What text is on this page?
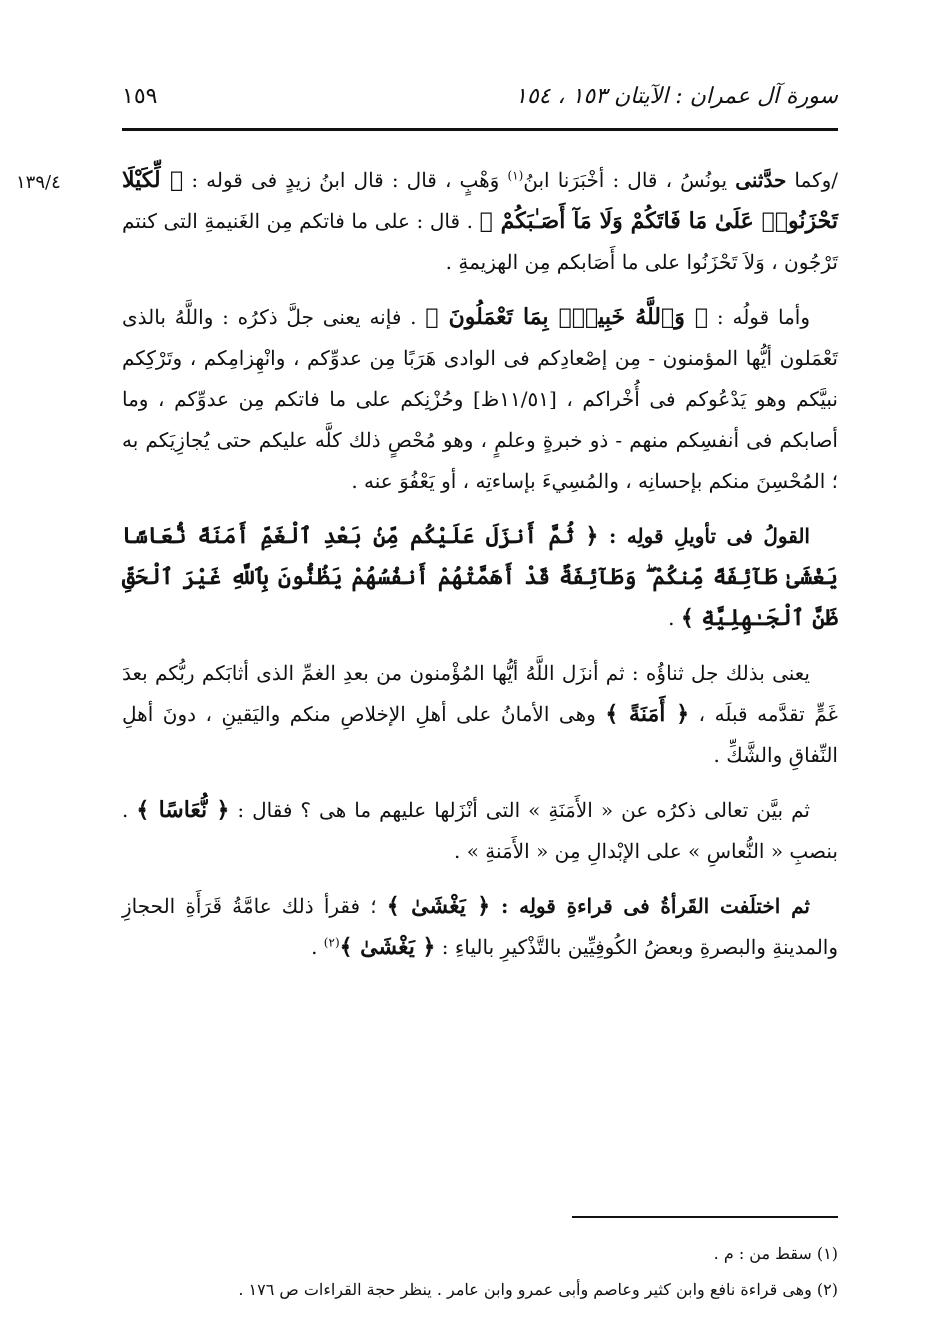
سورة آل عمران : الآيتان ١٥٣ ، ١٥٤
١٥٩
١٣٩/٤	/وكما حدَّثنى يونُسُ ، قال : أخْبَرَنا ابنُ$^{(١)}$ وَهْبٍ ، قال : قال ابنُ زيدٍ فى قوله : ﴿ لِّكَيْلَا تَحْزَنُوا۟ عَلَىٰ مَا فَاتَكُمْ وَلَا مَآ أَصَـٰبَكُمْ ﴾ . قال : على ما فاتكم مِن الغَنيمةِ التى كنتم تَرْجُون ، وَلاَ تَحْزَنُوا على ما أَصَابكم مِن الهزيمةِ .

وأما قولُه : ﴿ وَٱللَّهُ خَبِيرٌۢ بِمَا تَعْمَلُونَ ﴾ . فإنه يعنى جلَّ ذكرُه : واللَّهُ بالذى تَعْمَلون أيُّها المؤمنون - مِن إصْعادِكم فى الوادى هَرَبًا مِن عدوِّكم ، وانْهِزامِكم ، وتَرْكِكم نبيَّكم وهو يَدْعُوكم فى أُخْراكم ، [١١/٥١ظ] وحُزْنِكم على ما فاتكم مِن عدوِّكم ، وما أصابكم فى أنفسِكم منهم - ذو خبرةٍ وعلمٍ ، وهو مُحْصٍ ذلك كلَّه عليكم حتى يُجازِيَكم به ؛ المُحْسِنَ منكم بإحسانِه ، والمُسِيءَ بإساءتِه ، أو يَعْفُوَ عنه .

القولُ فى تأويلِ قولِه : ﴿ ثُمَّ أَنزَلَ عَلَيْكُم مِّنۢ بَعْدِ ٱلْغَمِّ أَمَنَةً نُّعَاسًا يَغْشَىٰ طَآئِفَةً مِّنكُمْ ۖ وَطَآئِفَةٌ قَدْ أَهَمَّتْهُمْ أَنفُسُهُمْ يَظُنُّونَ بِٱللَّهِ غَيْرَ ٱلْحَقِّ ظَنَّ ٱلْجَـٰهِلِيَّةِ ﴾ .

يعنى بذلك جل ثناؤُه : ثم أنزَل اللَّهُ أيُّها المُؤْمنون من بعدِ الغمِّ الذى أثابَكم ربُّكم بعدَ غَمٍّ تقدَّمه قبلَه ، ﴿ أَمَنَةً ﴾ وهى الأمانُ على أهلِ الإخلاصِ منكم واليَقينِ ، دونَ أهلِ النِّفاقِ والشَّكِّ .

ثم بيَّن تعالى ذكرُه عن « الأَمَنَةِ » التى أنْزَلها عليهم ما هى ؟ فقال : ﴿ نُّعَاسًا ﴾ . بنصبِ « النُّعاسِ » على الإبْدالِ مِن « الأَمَنةِ » .

ثم اختلَفت القَرأةُ فى قراءةِ قولِه : ﴿ يَغْشَىٰ ﴾ ؛ فقرأ ذلك عامَّةُ قَرَأَةِ الحجازِ والمدينةِ والبصرةِ وبعضُ الكُوفِيِّين بالتَّذْكيرِ بالياءِ : ﴿ يَغْشَىٰ ﴾$^{(٢)}$ .

(١) سقط من : م .

(٢) وهى قراءة نافع وابن كثير وعاصم وأبى عمرو وابن عامر . ينظر حجة القراءات ص ١٧٦ .
